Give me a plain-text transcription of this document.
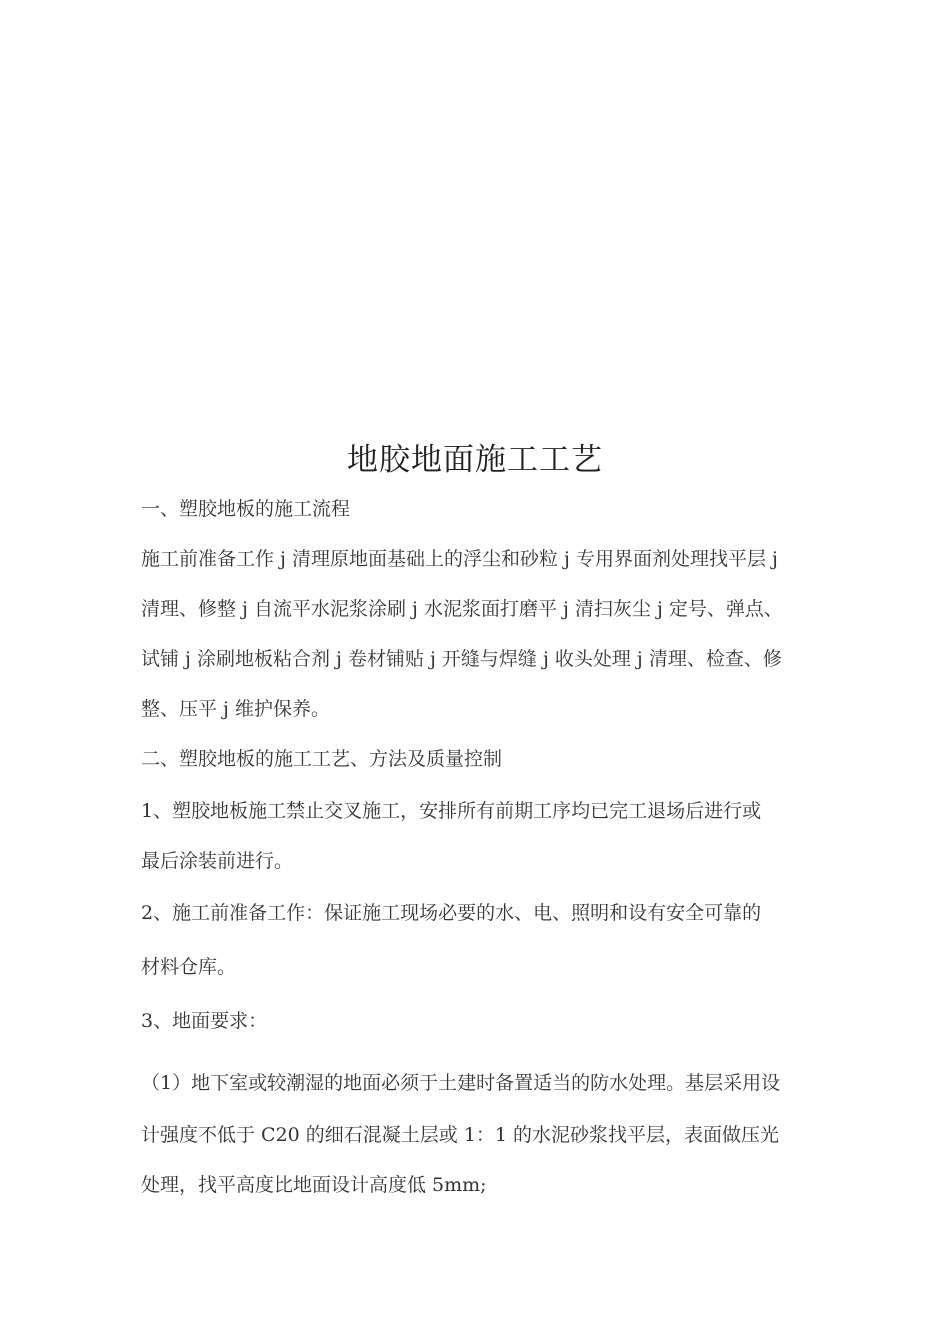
地胶地面施工工艺
一、塑胶地板的施工流程
施工前准备工作 j 清理原地面基础上的浮尘和砂粒 j 专用界面剂处理找平层 j
清理、修整 j 自流平水泥浆涂刷 j 水泥浆面打磨平 j 清扫灰尘 j 定号、弹点、
试铺 j 涂刷地板粘合剂 j 卷材铺贴 j 开缝与焊缝 j 收头处理 j 清理、检查、修
整、压平 j 维护保养。
二、塑胶地板的施工工艺、方法及质量控制
1、塑胶地板施工禁止交叉施工，安排所有前期工序均已完工退场后进行或
最后涂装前进行。
2、施工前准备工作：保证施工现场必要的水、电、照明和设有安全可靠的
材料仓库。
3、地面要求：
（1）地下室或较潮湿的地面必须于土建时备置适当的防水处理。基层采用设
计强度不低于 C20 的细石混凝土层或 1：1 的水泥砂浆找平层，表面做压光
处理，找平高度比地面设计高度低 5mm;
